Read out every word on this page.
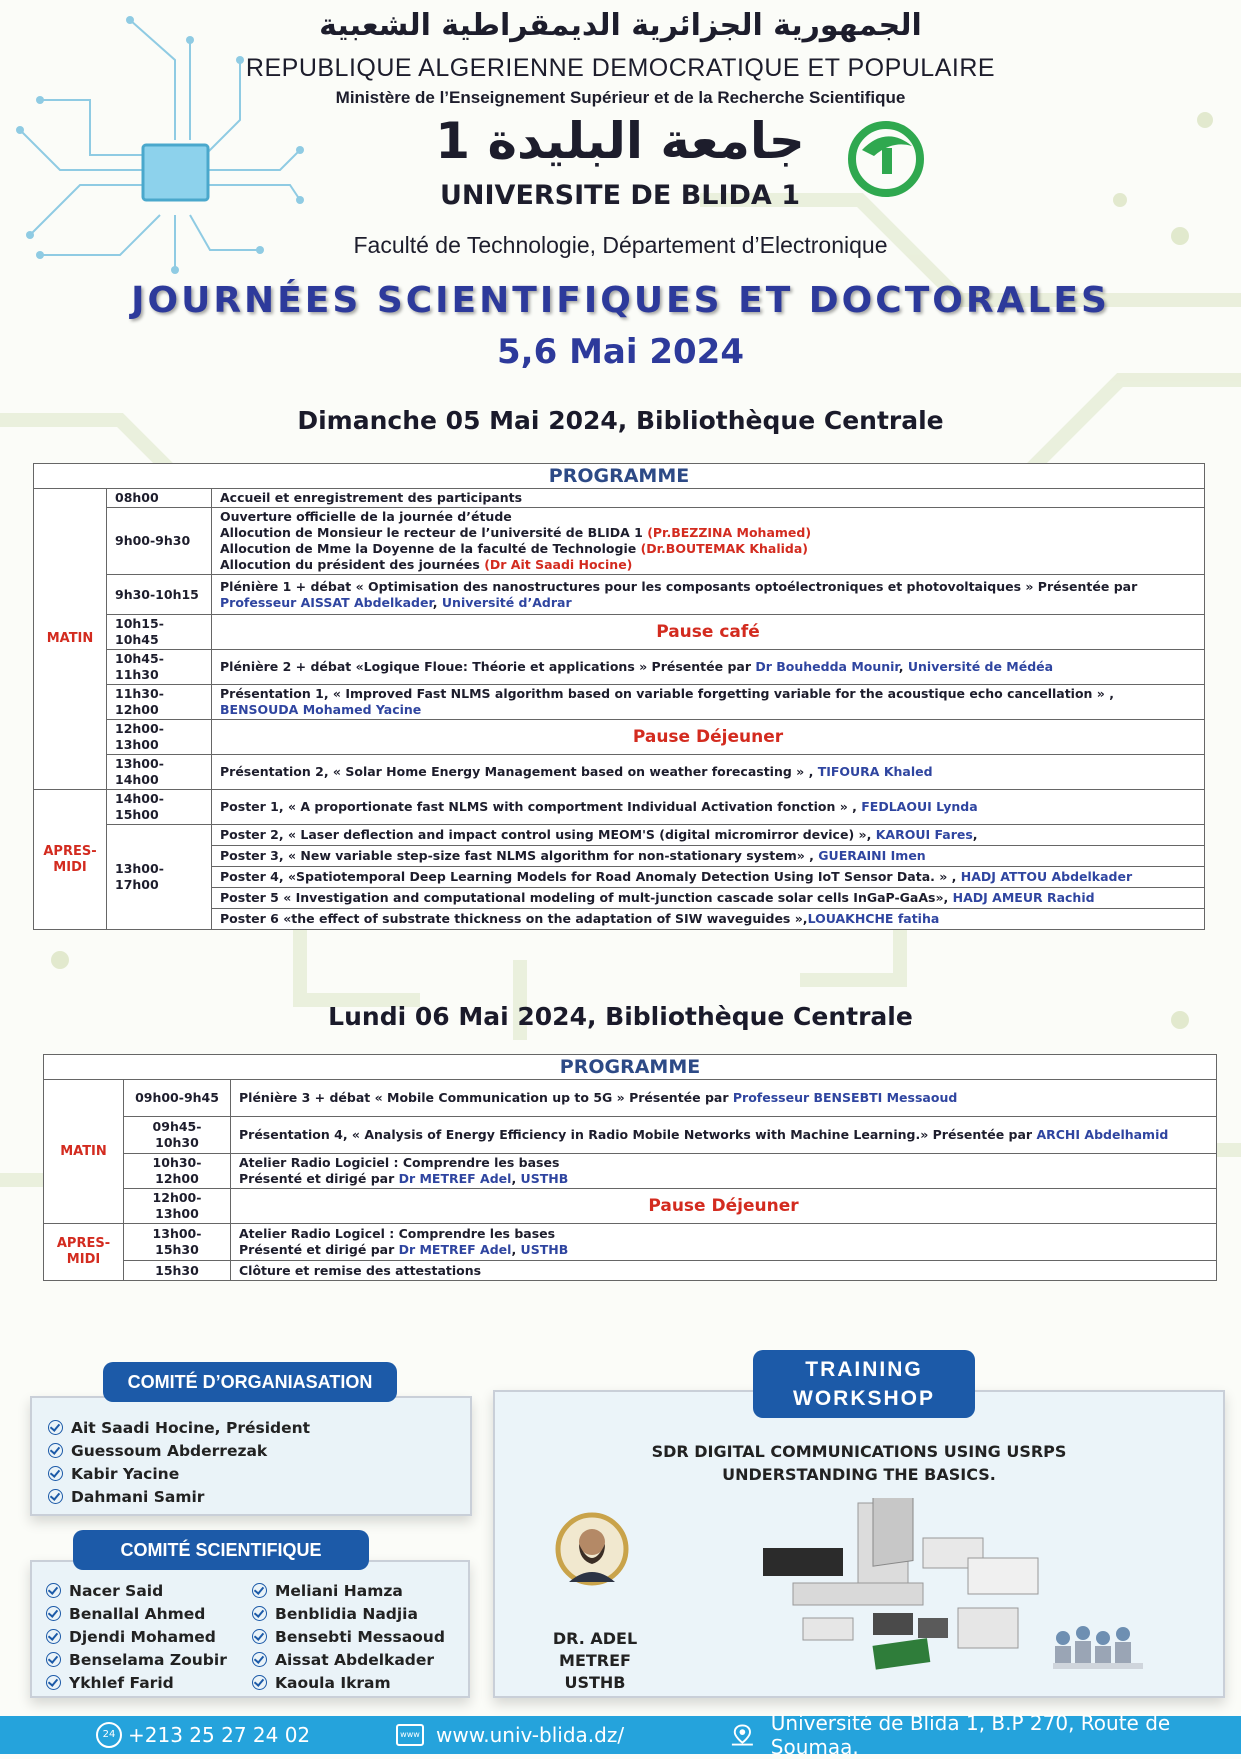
الجمهورية الجزائرية الديمقراطية الشعبية
REPUBLIQUE ALGERIENNE DEMOCRATIQUE ET POPULAIRE
Ministère de l’Enseignement Supérieur et de la Recherche Scientifique
جامعة البليدة 1
UNIVERSITE DE BLIDA 1
Faculté de Technologie, Département d’Electronique
JOURNÉES SCIENTIFIQUES ET DOCTORALES
5,6 Mai 2024
Dimanche 05 Mai 2024, Bibliothèque Centrale
PROGRAMME		
MATIN	08h00	Accueil et enregistrement des participants
	9h00-9h30	Ouverture officielle de la journée d’étude
Allocution de Monsieur le recteur de l’université de BLIDA 1 (Pr.BEZZINA Mohamed)
Allocution de Mme la Doyenne de la faculté de Technologie (Dr.BOUTEMAK Khalida)
Allocution du président des journées (Dr Ait Saadi Hocine)

	9h30-10h15	Plénière 1 + débat « Optimisation des nanostructures pour les composants optoélectroniques et photovoltaiques » Présentée par Professeur AISSAT Abdelkader, Université d’Adrar
	10h15-10h45	Pause café
	10h45-11h30	Plénière 2 + débat «Logique Floue: Théorie et applications » Présentée par Dr Bouhedda Mounir, Université de Médéa
	11h30-12h00	Présentation 1, « Improved Fast NLMS algorithm based on variable forgetting variable for the acoustique echo cancellation » , BENSOUDA Mohamed Yacine
	12h00-13h00	Pause Déjeuner
	13h00-14h00	Présentation 2, « Solar Home Energy Management based on weather forecasting » , TIFOURA Khaled
APRES-MIDI	14h00-15h00	Poster 1, « A proportionate fast NLMS with comportment Individual Activation fonction » , FEDLAOUI Lynda
	13h00-17h00	Poster 2, « Laser deflection and impact control using MEOM'S (digital micromirror device) », KAROUI Fares,
		Poster 3, « New variable step-size fast NLMS algorithm for non-stationary system» , GUERAINI Imen
		Poster 4, «Spatiotemporal Deep Learning Models for Road Anomaly Detection Using IoT Sensor Data. » , HADJ ATTOU Abdelkader
		Poster 5 « Investigation and computational modeling of mult-junction cascade solar cells InGaP-GaAs», HADJ AMEUR Rachid
		Poster 6 «the effect of substrate thickness on the adaptation of SIW waveguides »,LOUAKHCHE fatiha
Lundi 06 Mai 2024, Bibliothèque Centrale
PROGRAMME		
MATIN	09h00-9h45	Plénière 3 + débat « Mobile Communication up to 5G » Présentée par Professeur BENSEBTI Messaoud
	09h45-10h30	Présentation 4, « Analysis of Energy Efficiency in Radio Mobile Networks with Machine Learning.» Présentée par ARCHI Abdelhamid
	10h30-12h00	Atelier Radio Logiciel : Comprendre les bases
Présenté et dirigé par Dr METREF Adel, USTHB

	12h00-13h00	Pause Déjeuner
APRES-MIDI	13h00-15h30	Atelier Radio Logicel : Comprendre les bases
Présenté et dirigé par Dr METREF Adel, USTHB

	15h30	Clôture et remise des attestations
Ait Saadi Hocine, Président
Guessoum Abderrezak
Kabir Yacine
Dahmani Samir
COMITÉ D’ORGANIASATION
Nacer Said
Benallal Ahmed
Djendi Mohamed
Benselama Zoubir
Ykhlef Farid
Meliani Hamza
Benblidia Nadjia
Bensebti Messaoud
Aissat Abdelkader
Kaoula Ikram
COMITÉ SCIENTIFIQUE
SDR DIGITAL COMMUNICATIONS USING USRPS
UNDERSTANDING THE BASICS.
DR. ADEL METREF
USTHB
TRAINING
WORKSHOP
24 +213 25 27 24 02	www www.univ-blida.dz/	Université de Blida 1, B.P 270, Route de Soumaa.
